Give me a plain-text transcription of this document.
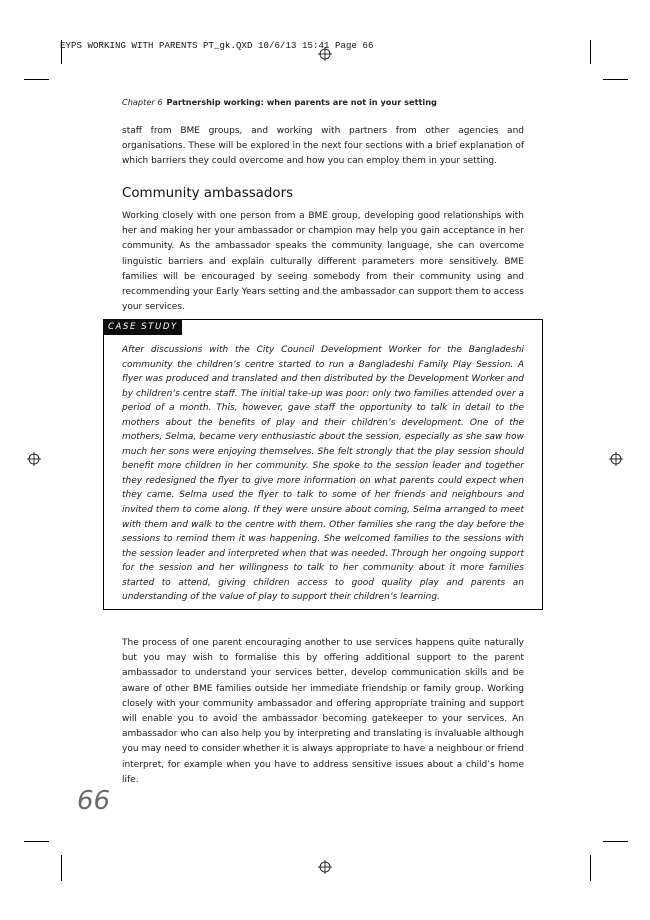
EYPS WORKING WITH PARENTS PT_gk.QXD 10/6/13 15:41 Page 66
Chapter 6 Partnership working: when parents are not in your setting

staff from BME groups, and working with partners from other agencies and organisations. These will be explored in the next four sections with a brief explanation of which barriers they could overcome and how you can employ them in your setting.

Community ambassadors

Working closely with one person from a BME group, developing good relationships with her and making her your ambassador or champion may help you gain acceptance in her community. As the ambassador speaks the community language, she can overcome linguistic barriers and explain culturally different parameters more sensitively. BME families will be encouraged by seeing somebody from their community using and recommending your Early Years setting and the ambassador can support them to access your services.

CASE STUDY

After discussions with the City Council Development Worker for the Bangladeshi community the children’s centre started to run a Bangladeshi Family Play Session. A flyer was produced and translated and then distributed by the Development Worker and by children’s centre staff. The initial take-up was poor: only two families attended over a period of a month. This, however, gave staff the opportunity to talk in detail to the mothers about the benefits of play and their children’s development. One of the mothers, Selma, became very enthusiastic about the session, especially as she saw how much her sons were enjoying themselves. She felt strongly that the play session should benefit more children in her community. She spoke to the session leader and together they redesigned the flyer to give more information on what parents could expect when they came. Selma used the flyer to talk to some of her friends and neighbours and invited them to come along. If they were unsure about coming, Selma arranged to meet with them and walk to the centre with them. Other families she rang the day before the sessions to remind them it was happening. She welcomed families to the sessions with the session leader and interpreted when that was needed. Through her ongoing support for the session and her willingness to talk to her community about it more families started to attend, giving children access to good quality play and parents an understanding of the value of play to support their children’s learning.

The process of one parent encouraging another to use services happens quite naturally but you may wish to formalise this by offering additional support to the parent ambassador to understand your services better, develop communication skills and be aware of other BME families outside her immediate friendship or family group. Working closely with your community ambassador and offering appropriate training and support will enable you to avoid the ambassador becoming gatekeeper to your services. An ambassador who can also help you by interpreting and translating is invaluable although you may need to consider whether it is always appropriate to have a neighbour or friend interpret, for example when you have to address sensitive issues about a child’s home life.

66
